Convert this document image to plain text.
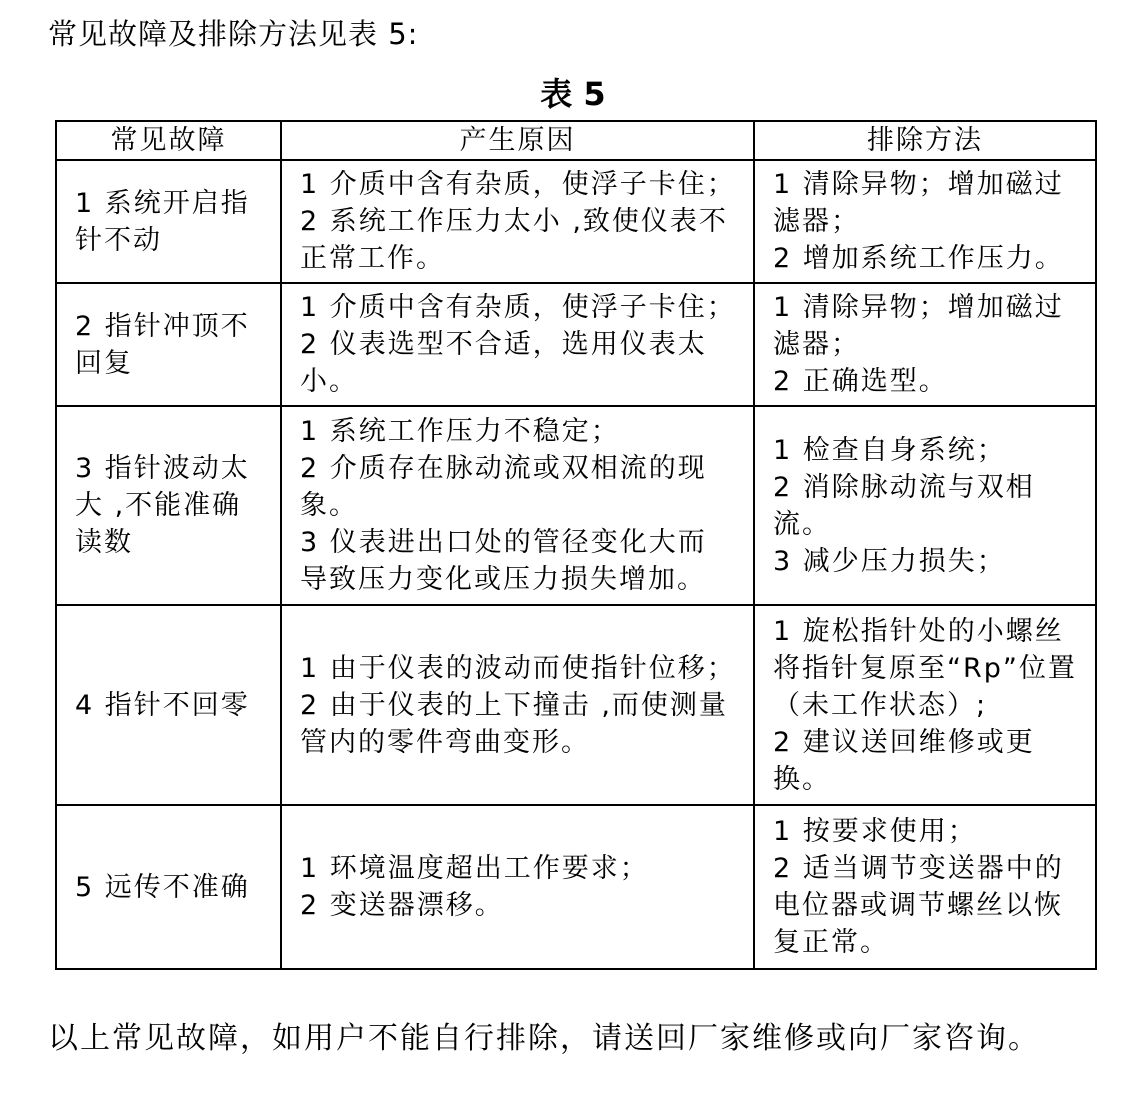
常见故障及排除方法见表 5:
表 5
常见故障	产生原因	排除方法

1 系统开启指
针不动	1 介质中含有杂质，使浮子卡住；
2 系统工作压力太小 ,致使仪表不
正常工作。	1 清除异物；增加磁过
滤器；
2 增加系统工作压力。

2 指针冲顶不
回复	1 介质中含有杂质，使浮子卡住；
2 仪表选型不合适，选用仪表太
小。	1 清除异物；增加磁过
滤器；
2 正确选型。

3 指针波动太
大 ,不能准确
读数	1 系统工作压力不稳定；
2 介质存在脉动流或双相流的现
象。
3 仪表进出口处的管径变化大而
导致压力变化或压力损失增加。	1 检查自身系统；
2 消除脉动流与双相
流。
3 减少压力损失；

4 指针不回零	1 由于仪表的波动而使指针位移；
2 由于仪表的上下撞击 ,而使测量
管内的零件弯曲变形。	1 旋松指针处的小螺丝
将指针复原至“Rp”位置
（未工作状态）;
2 建议送回维修或更
换。

5 远传不准确	1 环境温度超出工作要求；
2 变送器漂移。	1 按要求使用；
2 适当调节变送器中的
电位器或调节螺丝以恢
复正常。
以上常见故障，如用户不能自行排除，请送回厂家维修或向厂家咨询。
